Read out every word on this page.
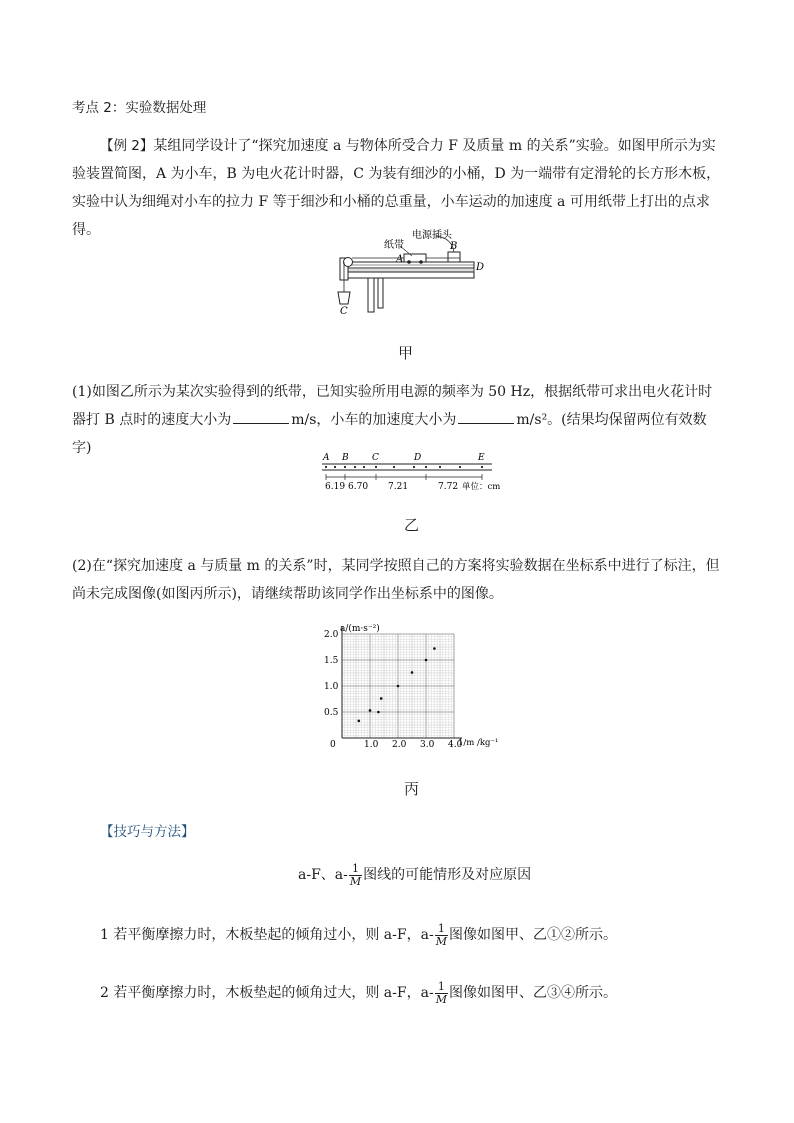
考点 2：实验数据处理
【例 2】某组同学设计了“探究加速度 a 与物体所受合力 F 及质量 m 的关系”实验。如图甲所示为实验装置简图，A 为小车，B 为电火花计时器，C 为装有细沙的小桶，D 为一端带有定滑轮的长方形木板，实验中认为细绳对小车的拉力 F 等于细沙和小桶的总重量，小车运动的加速度 a 可用纸带上打出的点求得。
纸带
电源插头
A
B
C
D
甲
(1)如图乙所示为某次实验得到的纸带，已知实验所用电源的频率为 50 Hz，根据纸带可求出电火花计时器打 B 点时的速度大小为	m/s，小车的加速度大小为	m/s²。(结果均保留两位有效数字)
A B	C	D	E
6.19 6.70 7.21	7.72 单位：cm
乙
(2)在“探究加速度 a 与质量 m 的关系”时，某同学按照自己的方案将实验数据在坐标系中进行了标注，但尚未完成图像(如图丙所示)，请继续帮助该同学作出坐标系中的图像。
0	1.0 2.0 3.0 4.0
0.5
1.0
1.5
2.0
a/(m·s⁻²)
1/m /kg⁻¹
丙
【技巧与方法】
a-F、$a- \frac{1}{M}$ 图线的可能情形及对应原因
1 若平衡摩擦力时，木板垫起的倾角过小，则 a-F，$a- \frac{1}{M}$ 图像如图甲、乙①②所示。
2 若平衡摩擦力时，木板垫起的倾角过大，则 a-F，$a- \frac{1}{M}$ 图像如图甲、乙③④所示。
